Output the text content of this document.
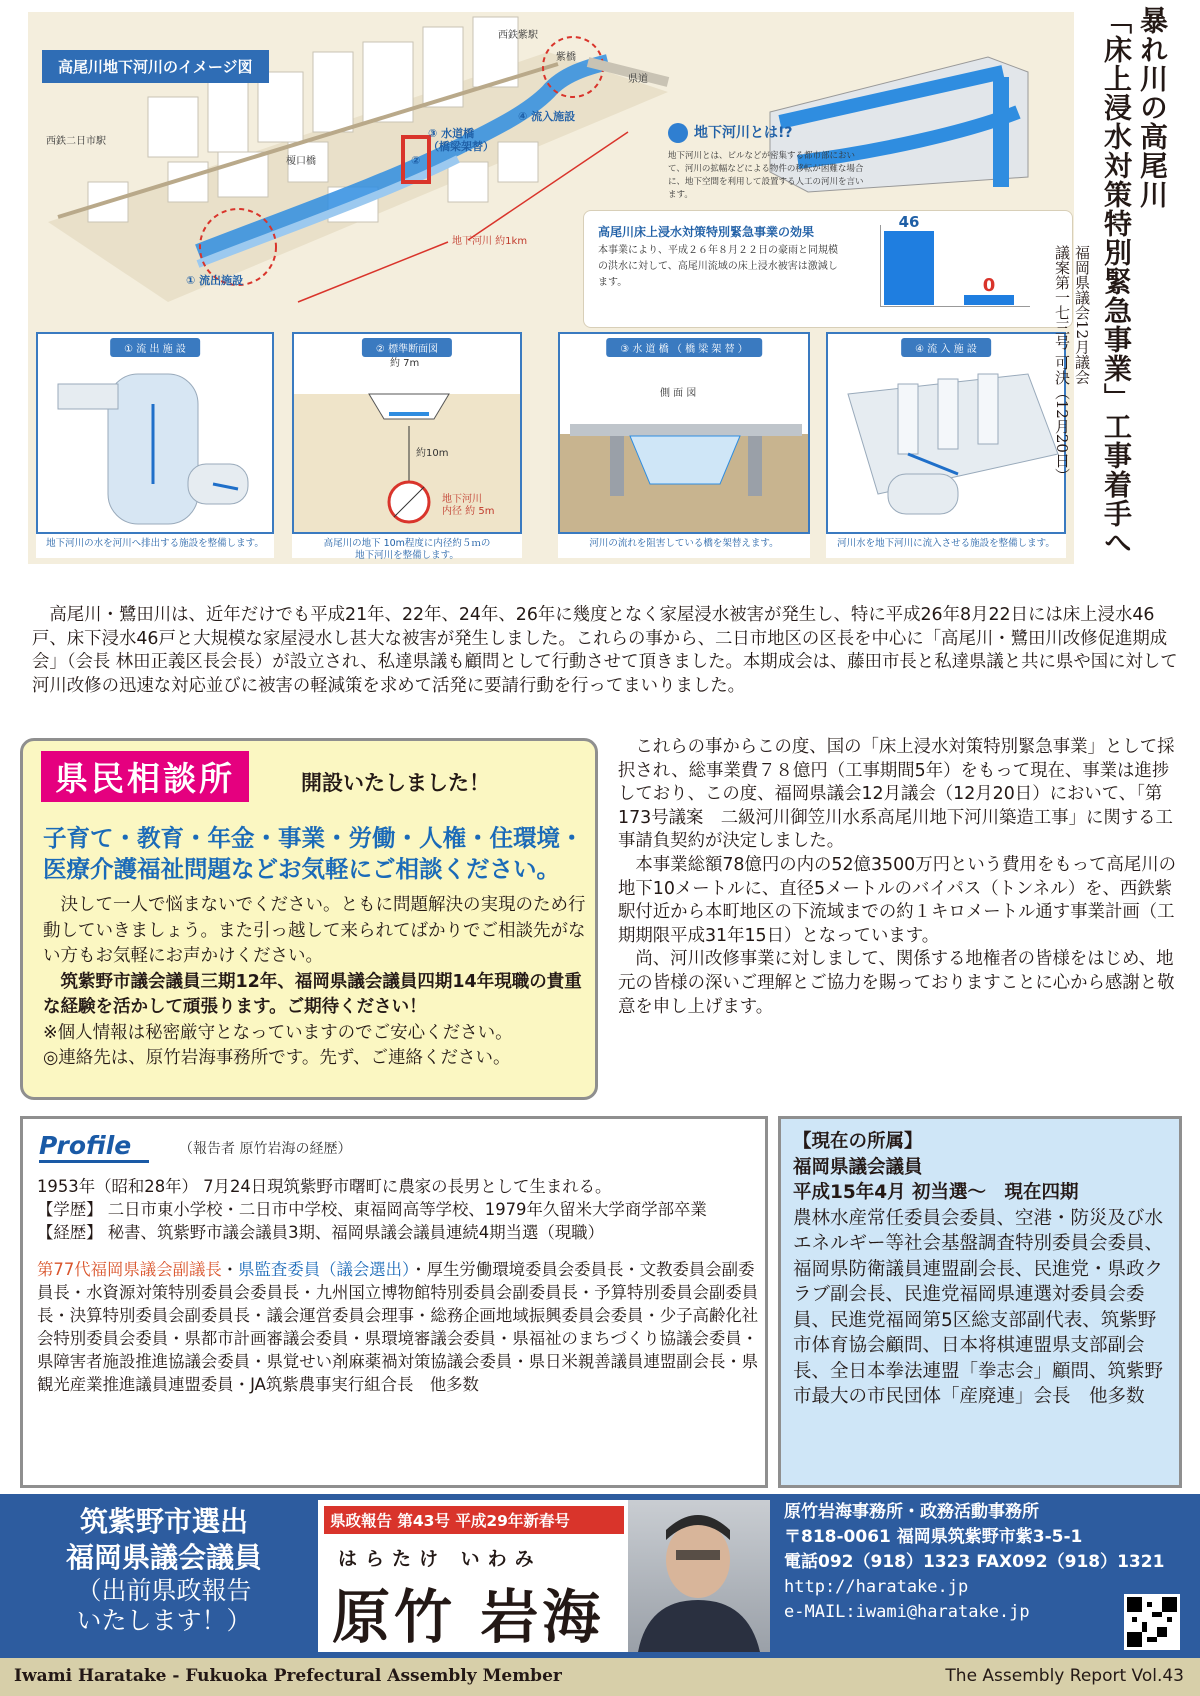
高尾川地下河川のイメージ図
西鉄紫駅
紫橋
県道
西鉄二日市駅
④ 流入施設
③ 水道橋
（橋梁架替）
②
榎口橋
地下河川 約1km
① 流出施設
地下河川とは!?
地下河川とは、ビルなどが密集する都市部において、河川の拡幅などによる物件の移転が困難な場合に、地下空間を利用して設置する人工の河川を言います。
高尾川床上浸水対策特別緊急事業の効果
本事業により、平成２６年８月２２日の豪雨と同規模の洪水に対して、高尾川流域の床上浸水被害は激減します。
46
0
① 流 出 施 設
地下河川の水を河川へ排出する施設を整備します。
約 7m
約10m
地下河川
内径 約 5m
② 標準断面図
高尾川の地下 10m程度に内径約５ｍの
地下河川を整備します。
側 面 図
③ 水 道 橋 （ 橋 梁 架 替 ）
河川の流れを阻害している橋を架替えます。
④ 流 入 施 設
河川水を地下河川に流入させる施設を整備します。
暴れ川の高尾川
「床上浸水対策特別緊急事業」工事着手へ
福岡県議会12月議会
議案第一七三号 可決（12月20日）

高尾川・鷺田川は、近年だけでも平成21年、22年、24年、26年に幾度となく家屋浸水被害が発生し、特に平成26年8月22日には床上浸水46戸、床下浸水46戸と大規模な家屋浸水し甚大な被害が発生しました。これらの事から、二日市地区の区長を中心に「高尾川・鷺田川改修促進期成会」（会長 林田正義区長会長）が設立され、私達県議も顧問として行動させて頂きました。本期成会は、藤田市長と私達県議と共に県や国に対して河川改修の迅速な対応並びに被害の軽減策を求めて活発に要請行動を行ってまいりました。

これらの事からこの度、国の「床上浸水対策特別緊急事業」として採択され、総事業費７８億円（工事期間5年）をもって現在、事業は進捗しており、この度、福岡県議会12月議会（12月20日）において、「第173号議案　二級河川御笠川水系高尾川地下河川築造工事」に関する工事請負契約が決定しました。

本事業総額78億円の内の52億3500万円という費用をもって高尾川の地下10メートルに、直径5メートルのバイパス（トンネル）を、西鉄紫駅付近から本町地区の下流域までの約１キロメートル通す事業計画（工期期限平成31年15日）となっています。

尚、河川改修事業に対しまして、関係する地権者の皆様をはじめ、地元の皆様の深いご理解とご協力を賜っておりますことに心から感謝と敬意を申し上げます。

県民相談所	開設いたしました！
子育て・教育・年金・事業・労働・人権・住環境・医療介護福祉問題などお気軽にご相談ください。

決して一人で悩まないでください。ともに問題解決の実現のため行動していきましょう。また引っ越して来られてばかりでご相談先がない方もお気軽にお声かけください。

筑紫野市議会議員三期12年、福岡県議会議員四期14年現職の貴重な経験を活かして頑張ります。ご期待ください！

※個人情報は秘密厳守となっていますのでご安心ください。

◎連絡先は、原竹岩海事務所です。先ず、ご連絡ください。

Profile	（報告者 原竹岩海の経歴）

1953年（昭和28年） 7月24日現筑紫野市曙町に農家の長男として生まれる。

【学歴】 二日市東小学校・二日市中学校、東福岡高等学校、1979年久留米大学商学部卒業

【経歴】 秘書、筑紫野市議会議員3期、福岡県議会議員連続4期当選（現職）

第77代福岡県議会副議長・県監査委員（議会選出）・厚生労働環境委員会委員長・文教委員会副委員長・水資源対策特別委員会委員長・九州国立博物館特別委員会副委員長・予算特別委員会副委員長・決算特別委員会副委員長・議会運営委員会理事・総務企画地域振興委員会委員・少子高齢化社会特別委員会委員・県都市計画審議会委員・県環境審議会委員・県福祉のまちづくり協議会委員・県障害者施設推進協議会委員・県覚せい剤麻薬禍対策協議会委員・県日米親善議員連盟副会長・県観光産業推進議員連盟委員・JA筑紫農事実行組合長　他多数

【現在の所属】

福岡県議会議員

平成15年4月 初当選～　現在四期

農林水産常任委員会委員、空港・防災及び水エネルギー等社会基盤調査特別委員会委員、福岡県防衛議員連盟副会長、民進党・県政クラブ副会長、民進党福岡県連選対委員会委員、民進党福岡第5区総支部副代表、筑紫野市体育協会顧問、日本将棋連盟県支部副会長、全日本拳法連盟「拳志会」顧問、筑紫野市最大の市民団体「産廃連」会長　他多数

筑紫野市選出
福岡県議会議員
（出前県政報告
いたします！）
県政報告 第43号 平成29年新春号
はらたけ いわみ
原竹 岩海
原竹岩海事務所・政務活動事務所
〒818-0061 福岡県筑紫野市紫3-5-1
電話092（918）1323 FAX092（918）1321
http://haratake.jp
e-MAIL:iwami@haratake.jp
Iwami Haratake - Fukuoka Prefectural Assembly Member	The Assembly Report Vol.43
